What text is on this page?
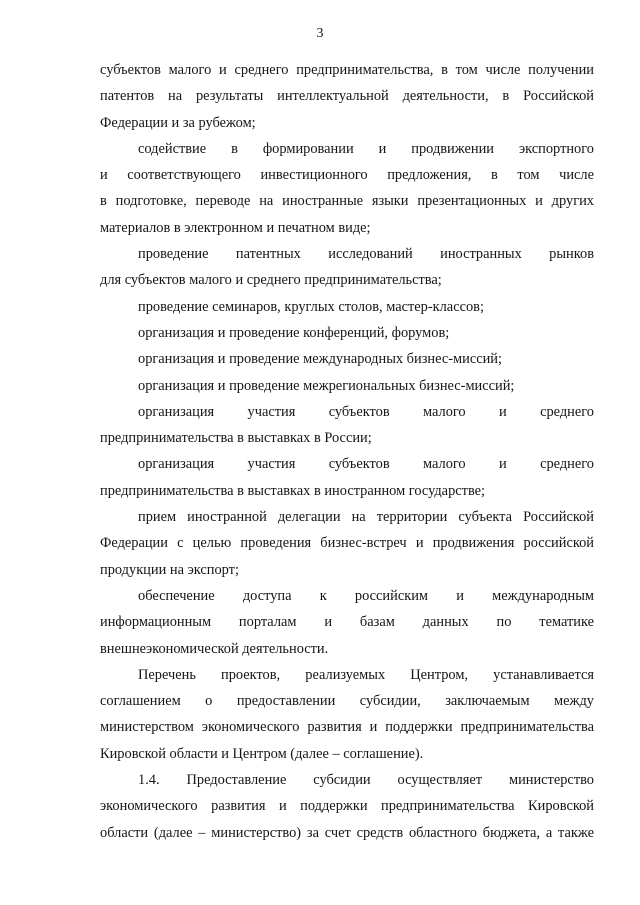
3
субъектов малого и среднего предпринимательства, в том числе получении
патентов на результаты интеллектуальной деятельности, в Российской
Федерации и за рубежом;
содействие в формировании и продвижении экспортного
и соответствующего инвестиционного предложения, в том числе
в подготовке, переводе на иностранные языки презентационных и других
материалов в электронном и печатном виде;
проведение патентных исследований иностранных рынков
для субъектов малого и среднего предпринимательства;
проведение семинаров, круглых столов, мастер-классов;
организация и проведение конференций, форумов;
организация и проведение международных бизнес-миссий;
организация и проведение межрегиональных бизнес-миссий;
организация участия субъектов малого и среднего
предпринимательства в выставках в России;
организация участия субъектов малого и среднего
предпринимательства в выставках в иностранном государстве;
прием иностранной делегации на территории субъекта Российской
Федерации с целью проведения бизнес-встреч и продвижения российской
продукции на экспорт;
обеспечение доступа к российским и международным
информационным порталам и базам данных по тематике
внешнеэкономической деятельности.
Перечень проектов, реализуемых Центром, устанавливается
соглашением о предоставлении субсидии, заключаемым между
министерством экономического развития и поддержки предпринимательства
Кировской области и Центром (далее – соглашение).
1.4. Предоставление субсидии осуществляет министерство
экономического развития и поддержки предпринимательства Кировской
области (далее – министерство) за счет средств областного бюджета, а также
